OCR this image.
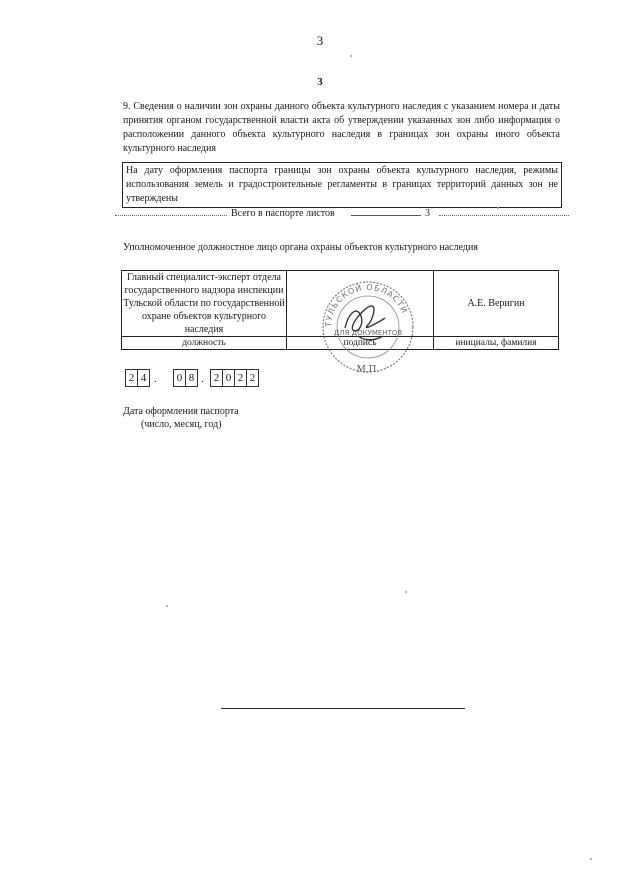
3
3
9. Сведения о наличии зон охраны данного объекта культурного наследия с указанием номера и даты принятия органом государственной власти акта об утверждении указанных зон либо информация о расположении данного объекта культурного наследия в границах зон охраны иного объекта культурного наследия
На дату оформления паспорта границы зон охраны объекта культурного наследия, режимы использования земель и градостроительные регламенты в границах территорий данных зон не утверждены
Всего в паспорте листов	3
Уполномоченное должностное лицо органа охраны объектов культурного наследия
Главный специалист-эксперт отдела государственного надзора инспекции Тульской области по государственной охране объектов культурного наследия		А.Е. Веригин
должность	подпись	инициалы, фамилия
ТУЛЬСКОЙ ОБЛАСТИ
ДЛЯ ДОКУМЕНТОВ
М.П.
2 4 . 0 8 . 2 0 2 2
Дата оформления паспорта
(число, месяц, год)
